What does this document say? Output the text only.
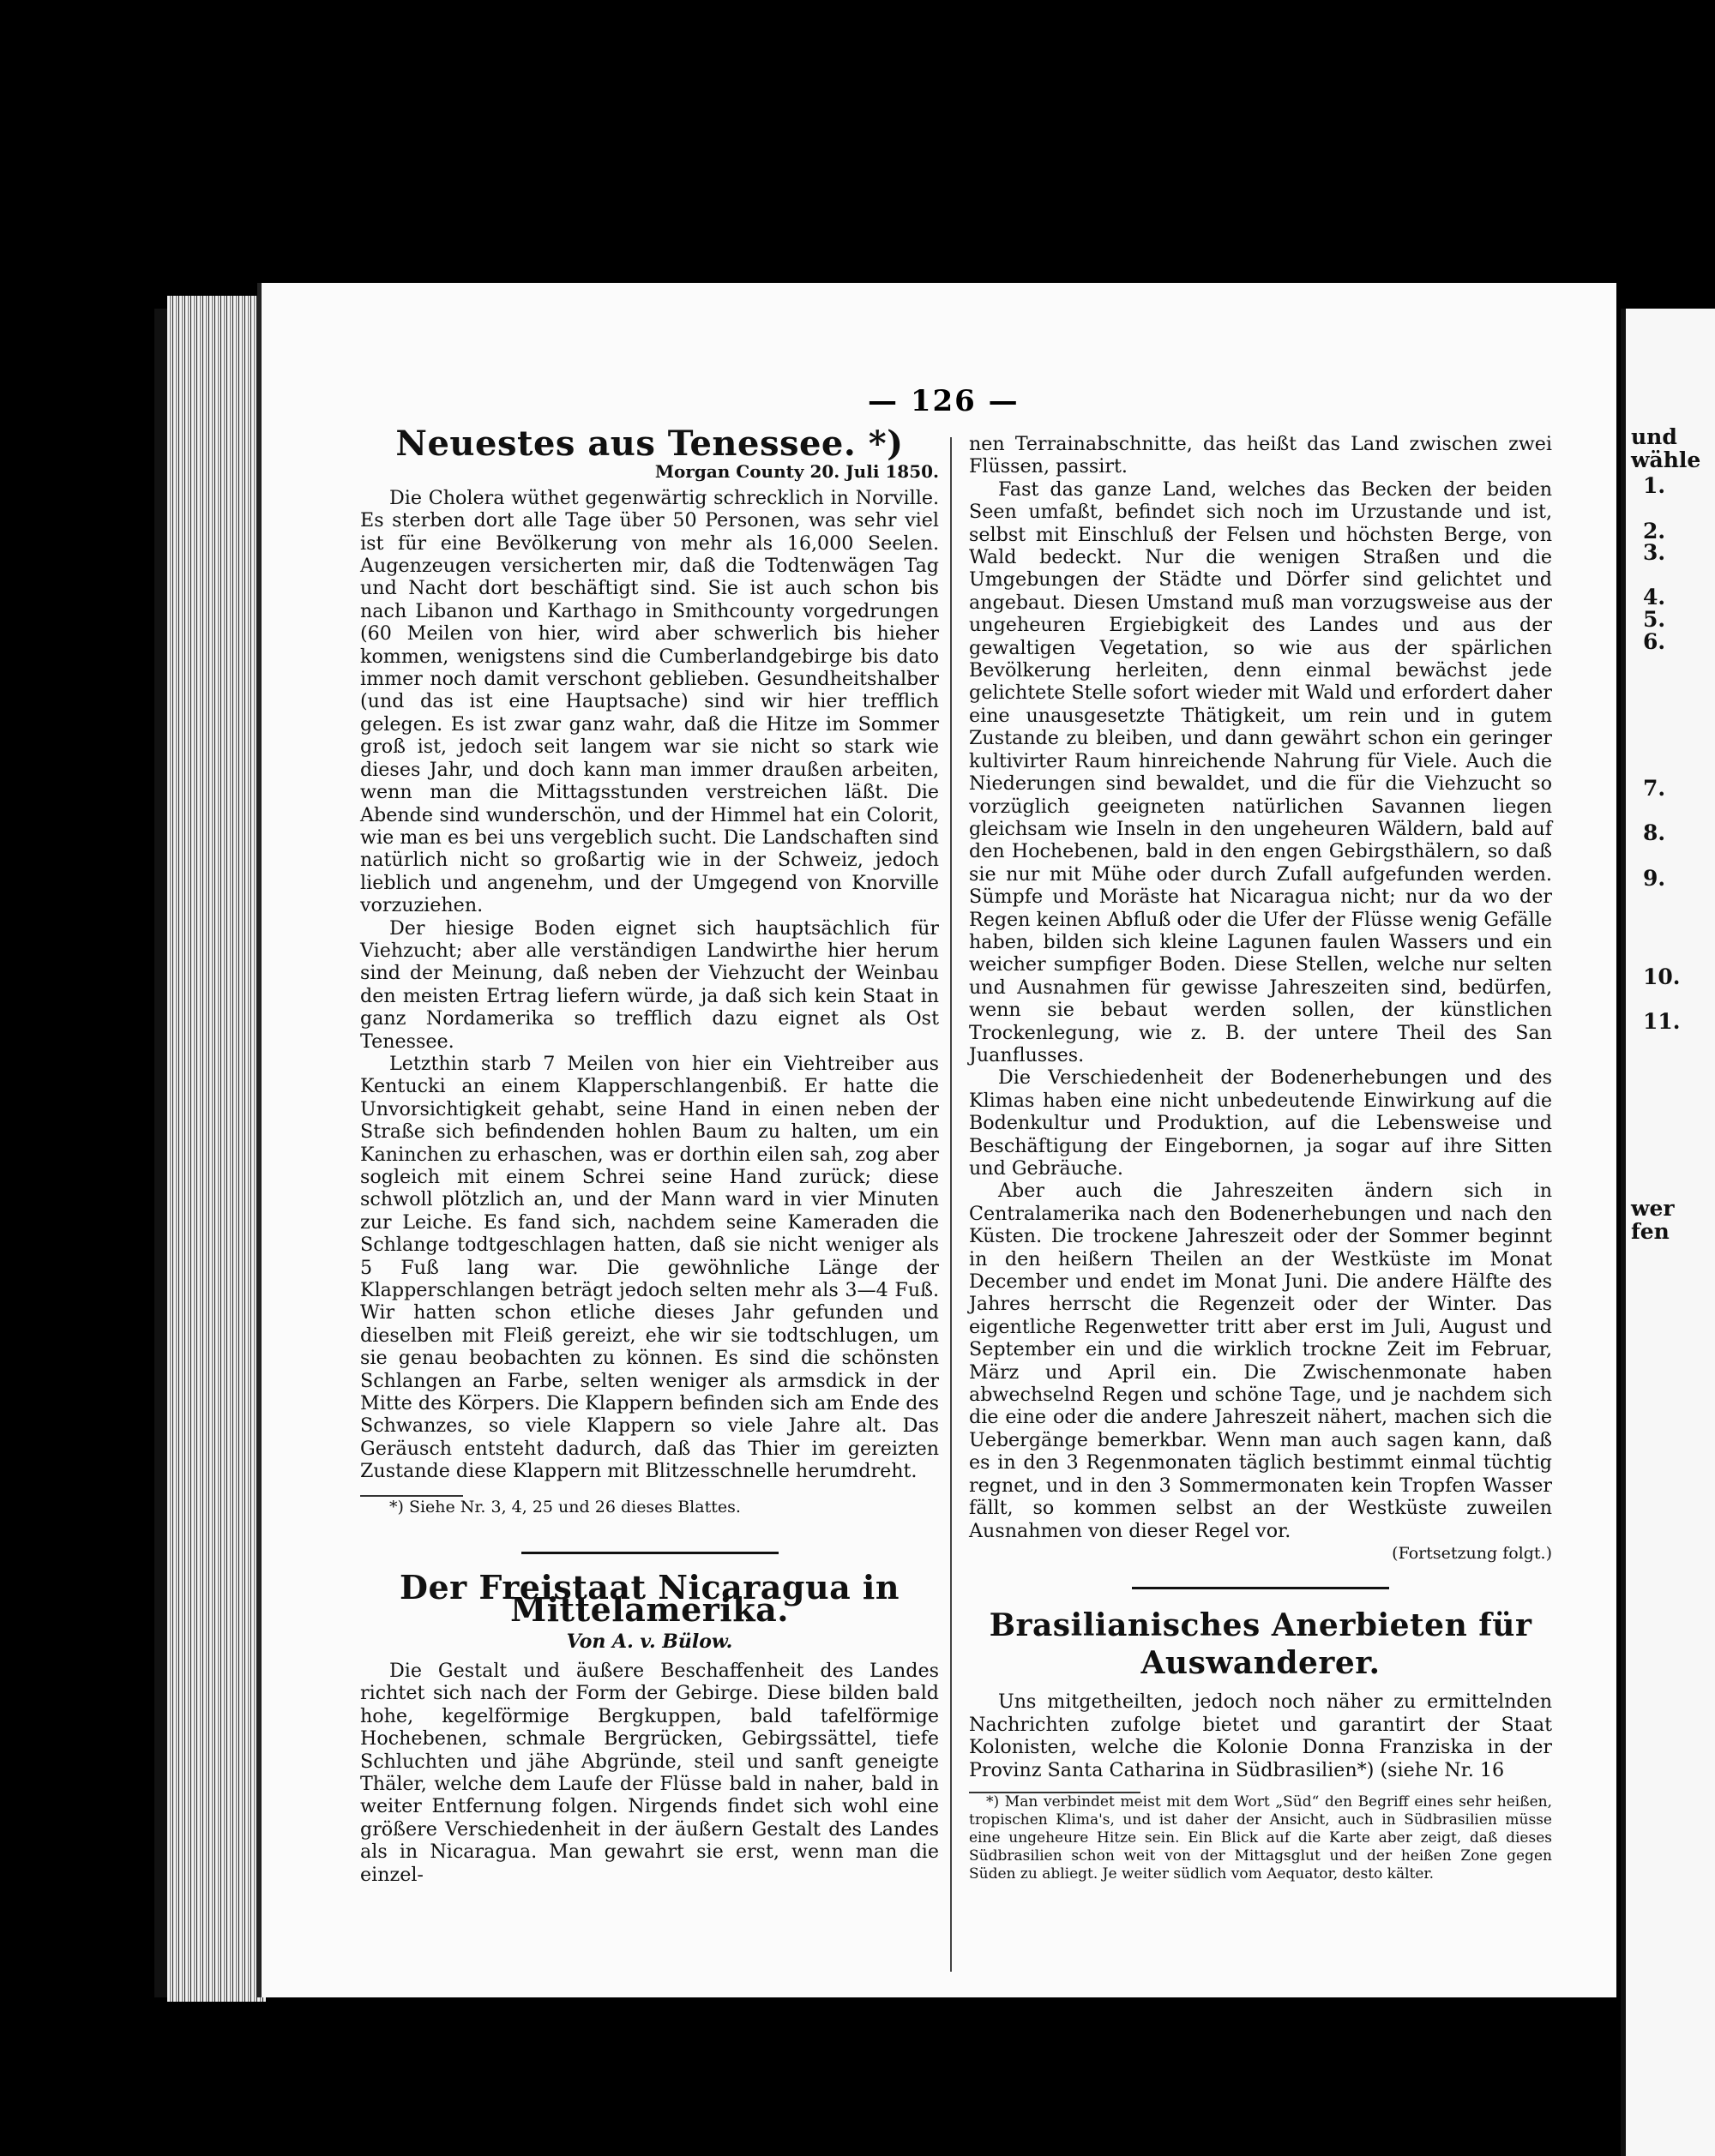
— 126 —
Neuestes aus Tenessee. *)
Morgan County 20. Juli 1850.

Die Cholera wüthet gegenwärtig schrecklich in Norville. Es sterben dort alle Tage über 50 Personen, was sehr viel ist für eine Bevölkerung von mehr als 16,000 Seelen. Augenzeugen versicherten mir, daß die Todtenwägen Tag und Nacht dort beschäftigt sind. Sie ist auch schon bis nach Libanon und Karthago in Smithcounty vorgedrungen (60 Meilen von hier, wird aber schwerlich bis hieher kommen, wenigstens sind die Cumberlandgebirge bis dato immer noch damit verschont geblieben. Gesundheitshalber (und das ist eine Hauptsache) sind wir hier trefflich gelegen. Es ist zwar ganz wahr, daß die Hitze im Sommer groß ist, jedoch seit langem war sie nicht so stark wie dieses Jahr, und doch kann man immer draußen arbeiten, wenn man die Mittagsstunden verstreichen läßt. Die Abende sind wunderschön, und der Himmel hat ein Colorit, wie man es bei uns vergeblich sucht. Die Landschaften sind natürlich nicht so großartig wie in der Schweiz, jedoch lieblich und angenehm, und der Umgegend von Knorville vorzuziehen.

Der hiesige Boden eignet sich hauptsächlich für Viehzucht; aber alle verständigen Landwirthe hier herum sind der Meinung, daß neben der Viehzucht der Weinbau den meisten Ertrag liefern würde, ja daß sich kein Staat in ganz Nordamerika so trefflich dazu eignet als Ost Tenessee.

Letzthin starb 7 Meilen von hier ein Viehtreiber aus Kentucki an einem Klapperschlangenbiß. Er hatte die Unvorsichtigkeit gehabt, seine Hand in einen neben der Straße sich befindenden hohlen Baum zu halten, um ein Kaninchen zu erhaschen, was er dorthin eilen sah, zog aber sogleich mit einem Schrei seine Hand zurück; diese schwoll plötzlich an, und der Mann ward in vier Minuten zur Leiche. Es fand sich, nachdem seine Kameraden die Schlange todtgeschlagen hatten, daß sie nicht weniger als 5 Fuß lang war. Die gewöhnliche Länge der Klapperschlangen beträgt jedoch selten mehr als 3—4 Fuß. Wir hatten schon etliche dieses Jahr gefunden und dieselben mit Fleiß gereizt, ehe wir sie todtschlugen, um sie genau beobachten zu können. Es sind die schönsten Schlangen an Farbe, selten weniger als armsdick in der Mitte des Körpers. Die Klappern befinden sich am Ende des Schwanzes, so viele Klappern so viele Jahre alt. Das Geräusch entsteht dadurch, daß das Thier im gereizten Zustande diese Klappern mit Blitzesschnelle herumdreht.

*) Siehe Nr. 3, 4, 25 und 26 dieses Blattes.

Der Freistaat Nicaragua in Mittelamerika.
Von A. v. Bülow.

Die Gestalt und äußere Beschaffenheit des Landes richtet sich nach der Form der Gebirge. Diese bilden bald hohe, kegelförmige Bergkuppen, bald tafelförmige Hochebenen, schmale Bergrücken, Gebirgssättel, tiefe Schluchten und jähe Abgründe, steil und sanft geneigte Thäler, welche dem Laufe der Flüsse bald in naher, bald in weiter Entfernung folgen. Nirgends findet sich wohl eine größere Verschiedenheit in der äußern Gestalt des Landes als in Nicaragua. Man gewahrt sie erst, wenn man die einzel-

nen Terrainabschnitte, das heißt das Land zwischen zwei Flüssen, passirt.

Fast das ganze Land, welches das Becken der beiden Seen umfaßt, befindet sich noch im Urzustande und ist, selbst mit Einschluß der Felsen und höchsten Berge, von Wald bedeckt. Nur die wenigen Straßen und die Umgebungen der Städte und Dörfer sind gelichtet und angebaut. Diesen Umstand muß man vorzugsweise aus der ungeheuren Ergiebigkeit des Landes und aus der gewaltigen Vegetation, so wie aus der spärlichen Bevölkerung herleiten, denn einmal bewächst jede gelichtete Stelle sofort wieder mit Wald und erfordert daher eine unausgesetzte Thätigkeit, um rein und in gutem Zustande zu bleiben, und dann gewährt schon ein geringer kultivirter Raum hinreichende Nahrung für Viele. Auch die Niederungen sind bewaldet, und die für die Viehzucht so vorzüglich geeigneten natürlichen Savannen liegen gleichsam wie Inseln in den ungeheuren Wäldern, bald auf den Hochebenen, bald in den engen Gebirgsthälern, so daß sie nur mit Mühe oder durch Zufall aufgefunden werden. Sümpfe und Moräste hat Nicaragua nicht; nur da wo der Regen keinen Abfluß oder die Ufer der Flüsse wenig Gefälle haben, bilden sich kleine Lagunen faulen Wassers und ein weicher sumpfiger Boden. Diese Stellen, welche nur selten und Ausnahmen für gewisse Jahreszeiten sind, bedürfen, wenn sie bebaut werden sollen, der künstlichen Trockenlegung, wie z. B. der untere Theil des San Juanflusses.

Die Verschiedenheit der Bodenerhebungen und des Klimas haben eine nicht unbedeutende Einwirkung auf die Bodenkultur und Produktion, auf die Lebensweise und Beschäftigung der Eingebornen, ja sogar auf ihre Sitten und Gebräuche.

Aber auch die Jahreszeiten ändern sich in Centralamerika nach den Bodenerhebungen und nach den Küsten. Die trockene Jahreszeit oder der Sommer beginnt in den heißern Theilen an der Westküste im Monat December und endet im Monat Juni. Die andere Hälfte des Jahres herrscht die Regenzeit oder der Winter. Das eigentliche Regenwetter tritt aber erst im Juli, August und September ein und die wirklich trockne Zeit im Februar, März und April ein. Die Zwischenmonate haben abwechselnd Regen und schöne Tage, und je nachdem sich die eine oder die andere Jahreszeit nähert, machen sich die Uebergänge bemerkbar. Wenn man auch sagen kann, daß es in den 3 Regenmonaten täglich bestimmt einmal tüchtig regnet, und in den 3 Sommermonaten kein Tropfen Wasser fällt, so kommen selbst an der Westküste zuweilen Ausnahmen von dieser Regel vor.

(Fortsetzung folgt.)
Brasilianisches Anerbieten für Auswanderer.

Uns mitgetheilten, jedoch noch näher zu ermittelnden Nachrichten zufolge bietet und garantirt der Staat Kolonisten, welche die Kolonie Donna Franziska in der Provinz Santa Catharina in Südbrasilien*) (siehe Nr. 16

*) Man verbindet meist mit dem Wort „Süd“ den Begriff eines sehr heißen, tropischen Klima's, und ist daher der Ansicht, auch in Südbrasilien müsse eine ungeheure Hitze sein. Ein Blick auf die Karte aber zeigt, daß dieses Südbrasilien schon weit von der Mittagsglut und der heißen Zone gegen Süden zu abliegt. Je weiter südlich vom Aequator, desto kälter.

und
wähle
1.
2.
3.
4.
5.
6.
7.
8.
9.
10.
11.
wer
fen
